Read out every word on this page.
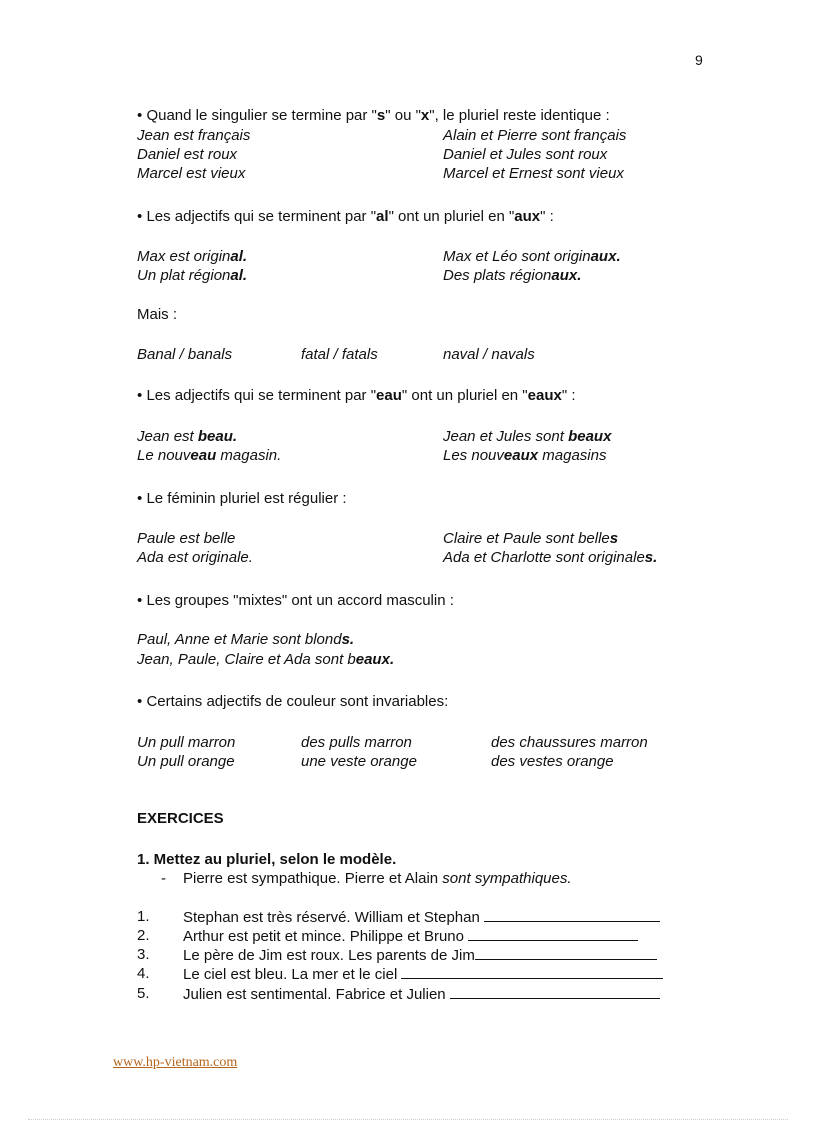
9
• Quand le singulier se termine par "s" ou "x", le pluriel reste identique :
Jean est français	Alain et Pierre sont français
Daniel est roux	Daniel et Jules sont roux
Marcel est vieux	Marcel et Ernest sont vieux
• Les adjectifs qui se terminent par "al" ont un pluriel en "aux" :
Max est original.	Max et Léo sont originaux.
Un plat régional.	Des plats régionaux.
Mais :
Banal / banals	fatal / fatals	naval / navals
• Les adjectifs qui se terminent par "eau" ont un pluriel en "eaux" :
Jean est beau.	Jean et Jules sont beaux
Le nouveau magasin.	Les nouveaux magasins
• Le féminin pluriel est régulier :
Paule est belle	Claire et Paule sont belles
Ada est originale.	Ada et Charlotte sont originales.
• Les groupes "mixtes" ont un accord masculin :
Paul, Anne et Marie sont blonds.
Jean, Paule, Claire et Ada sont beaux.
• Certains adjectifs de couleur sont invariables:
Un pull marron	des pulls marron	des chaussures marron
Un pull orange	une veste orange	des vestes orange
EXERCICES
1. Mettez au pluriel, selon le modèle.
- Pierre est sympathique. Pierre et Alain sont sympathiques.
1. Stephan est très réservé. William et Stephan
2. Arthur est petit et mince. Philippe et Bruno
3. Le père de Jim est roux. Les parents de Jim
4. Le ciel est bleu. La mer et le ciel
5. Julien est sentimental. Fabrice et Julien
www.hp-vietnam.com
